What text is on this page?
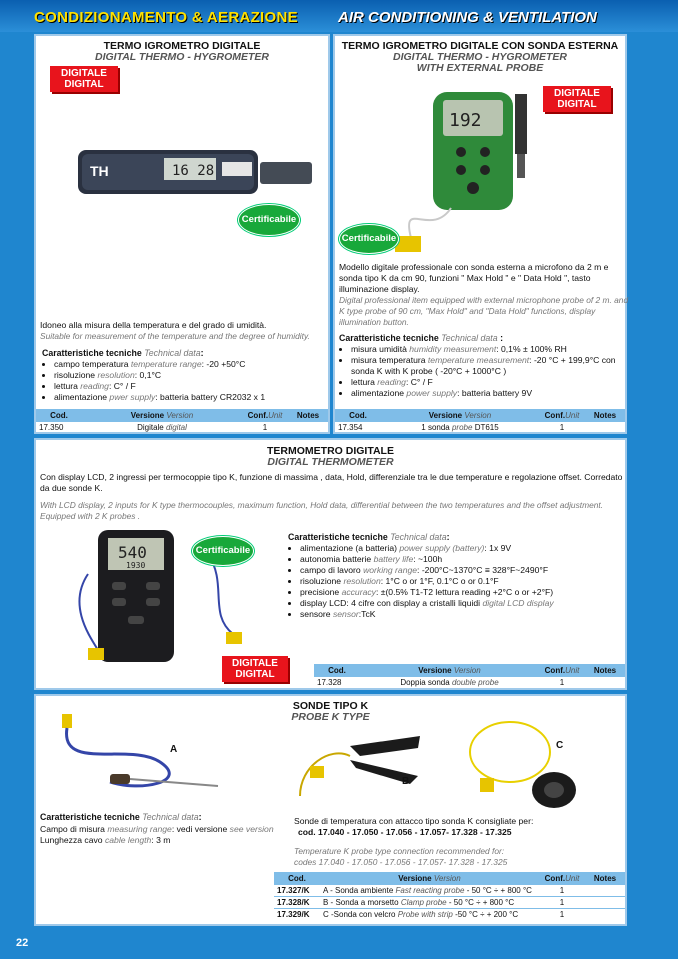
CONDIZIONAMENTO & AERAZIONE	AIR CONDITIONING & VENTILATION
TERMO IGROMETRO DIGITALE
DIGITAL THERMO - HYGROMETER
DIGITALE
DIGITAL
16 28
TH
Certificabile
Idoneo alla misura della temperatura e del grado di umidità.
Suitable for measurement of the temperature and the degree of humidity.
Caratteristiche tecniche Technical data:
• campo temperatura temperature range: -20 +50°C
• risoluzione resolution: 0,1°C
• lettura reading: C° / F
• alimentazione pwer supply: batteria battery CR2032 x 1
Cod.	Versione Version	Conf.Unit	Notes
17.350	Digitale digital	1	
TERMO IGROMETRO DIGITALE CON SONDA ESTERNA
DIGITAL THERMO - HYGROMETER
WITH EXTERNAL PROBE
DIGITALE
DIGITAL
192
Certificabile
Modello digitale professionale con sonda esterna a microfono da 2 m e sonda tipo K da cm 90, funzioni " Max Hold " e " Data Hold ", tasto illuminazione display.
Digital professional item equipped with external microphone probe of 2 m. and K type probe of 90 cm, "Max Hold" and "Data Hold" functions, display illumination button.
Caratteristiche tecniche Technical data :
• misura umidità humidity measurement: 0,1% ± 100% RH
• misura temperatura temperature measurement: -20 °C + 199,9°C con sonda K with K probe ( -20°C + 1000°C )
• lettura reading: C° / F
• alimentazione power supply: batteria battery 9V
Cod.	Versione Version	Conf.Unit	Notes
17.354	1 sonda probe DT615	1	
TERMOMETRO DIGITALE
DIGITAL THERMOMETER
Con display LCD, 2 ingressi per termocoppie tipo K, funzione di massima , data, Hold, differenziale tra le due temperature e regolazione offset. Corredato da due sonde K.
With LCD display, 2 inputs for K type thermocouples, maximum function, Hold data, differential between the two temperatures and the offset adjustment. Equipped with 2 K probes .
540
1930
Certificabile
DIGITALE
DIGITAL
Caratteristiche tecniche Technical data:
• alimentazione (a batteria) power supply (battery): 1x 9V
• autonomia batterie battery life: ~100h
• campo di lavoro working range: -200°C~1370°C ≡ 328°F~2490°F
• risoluzione resolution: 1°C o or 1°F, 0.1°C o or 0.1°F
• precisione accuracy: ±(0.5% T1-T2 lettura reading +2°C o or +2°F)
• display LCD: 4 cifre con display a cristalli liquidi digital LCD display
• sensore sensor:TcK
Cod.	Versione Version	Conf.Unit	Notes
17.328	Doppia sonda double probe	1	
SONDE TIPO K
PROBE K TYPE
A
B
C
Caratteristiche tecniche Technical data:
Campo di misura measuring range: vedi versione see version
Lunghezza cavo cable length: 3 m
Sonde di temperatura con attacco tipo sonda K consigliate per:
cod. 17.040 - 17.050 - 17.056 - 17.057- 17.328 - 17.325
Temperature K probe type connection recommended for:
codes 17.040 - 17.050 - 17.056 - 17.057- 17.328 - 17.325
Cod.	Versione Version	Conf.Unit	Notes
17.327/K	A - Sonda ambiente Fast reacting probe - 50 °C ÷ + 800 °C	1	
17.328/K	B - Sonda a morsetto Clamp probe - 50 °C ÷ + 800 °C	1	
17.329/K	C -Sonda con velcro Probe with strip -50 °C ÷ + 200 °C	1	
22
